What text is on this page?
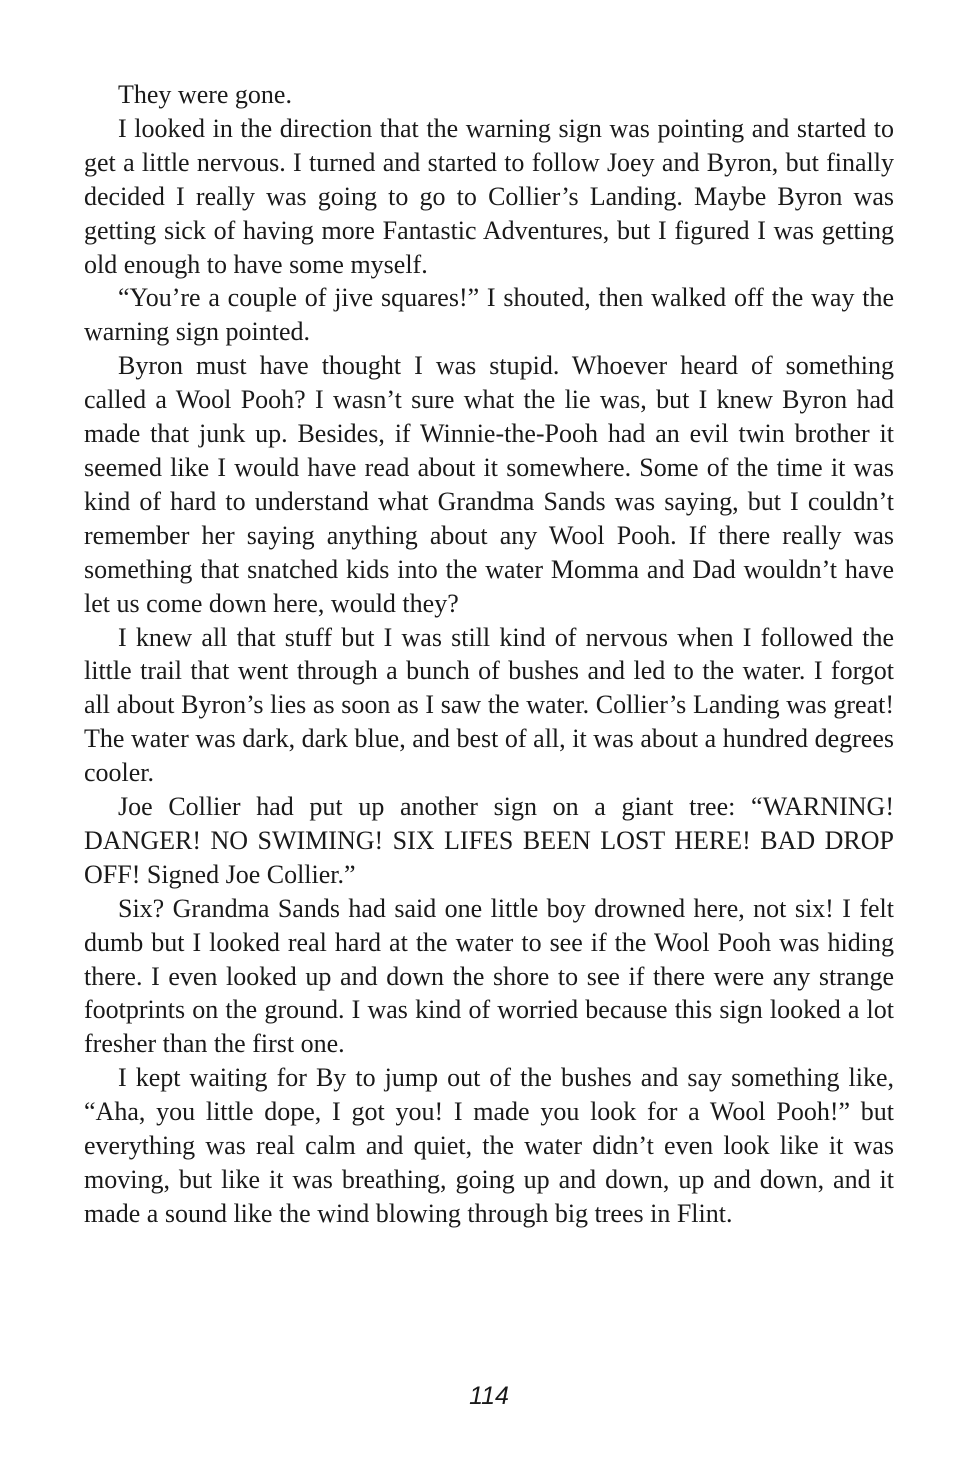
They were gone.

I looked in the direction that the warning sign was pointing and started to get a little nervous. I turned and started to follow Joey and Byron, but finally decided I really was going to go to Collier’s Landing. Maybe Byron was getting sick of having more Fantastic Adventures, but I figured I was getting old enough to have some myself.

“You’re a couple of jive squares!” I shouted, then walked off the way the warning sign pointed.

Byron must have thought I was stupid. Whoever heard of something called a Wool Pooh? I wasn’t sure what the lie was, but I knew Byron had made that junk up. Besides, if Winnie-the-Pooh had an evil twin brother it seemed like I would have read about it somewhere. Some of the time it was kind of hard to understand what Grandma Sands was saying, but I couldn’t remember her saying anything about any Wool Pooh. If there really was something that snatched kids into the water Momma and Dad wouldn’t have let us come down here, would they?

I knew all that stuff but I was still kind of nervous when I followed the little trail that went through a bunch of bushes and led to the water. I forgot all about Byron’s lies as soon as I saw the water. Collier’s Landing was great! The water was dark, dark blue, and best of all, it was about a hundred degrees cooler.

Joe Collier had put up another sign on a giant tree: “WARNING! DANGER! NO SWIMING! SIX LIFES BEEN LOST HERE! BAD DROP OFF! Signed Joe Collier.”

Six? Grandma Sands had said one little boy drowned here, not six! I felt dumb but I looked real hard at the water to see if the Wool Pooh was hiding there. I even looked up and down the shore to see if there were any strange footprints on the ground. I was kind of worried because this sign looked a lot fresher than the first one.

I kept waiting for By to jump out of the bushes and say something like, “Aha, you little dope, I got you! I made you look for a Wool Pooh!” but everything was real calm and quiet, the water didn’t even look like it was moving, but like it was breathing, going up and down, up and down, and it made a sound like the wind blowing through big trees in Flint.

114
